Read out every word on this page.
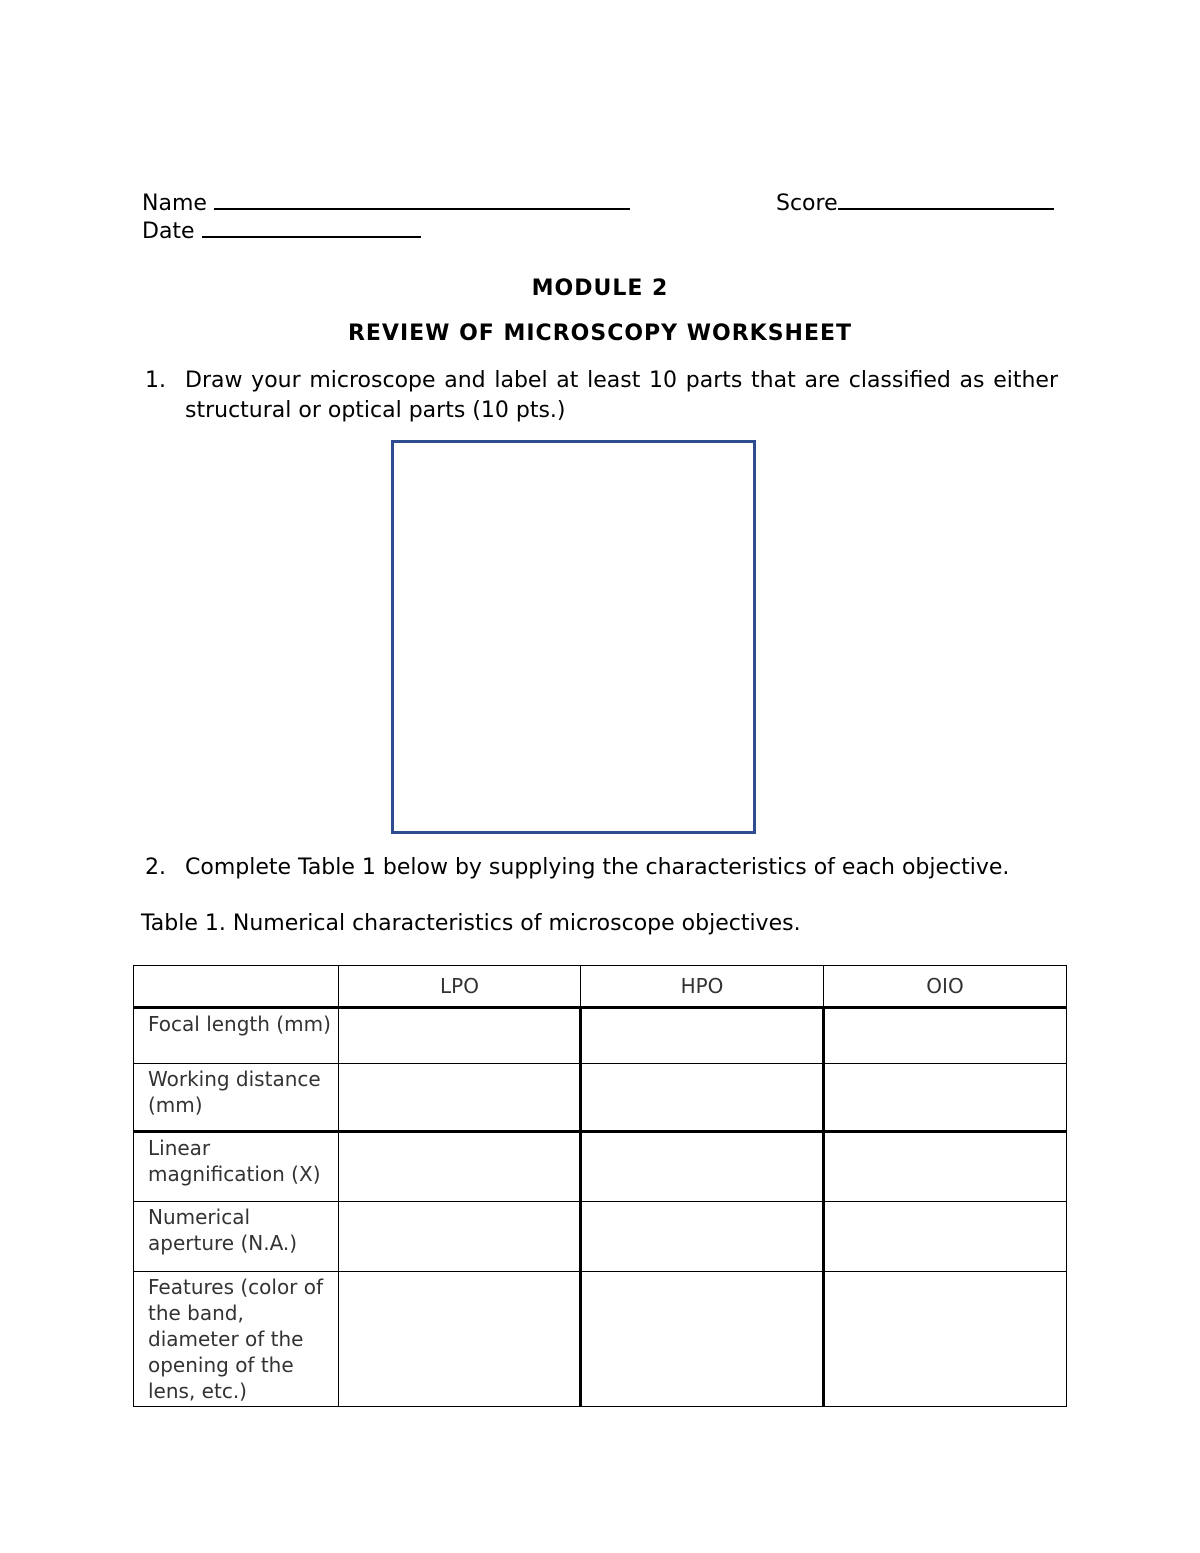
Name	Score
Date
MODULE 2
REVIEW OF MICROSCOPY WORKSHEET
1. Draw your microscope and label at least 10 parts that are classified as either structural or optical parts (10 pts.)
2. Complete Table 1 below by supplying the characteristics of each objective.
Table 1. Numerical characteristics of microscope objectives.
	LPO	HPO	OIO
Focal length (mm)			
Working distance (mm)			
Linear magnification (X)			
Numerical aperture (N.A.)			
Features (color of the band, diameter of the opening of the lens, etc.)			
